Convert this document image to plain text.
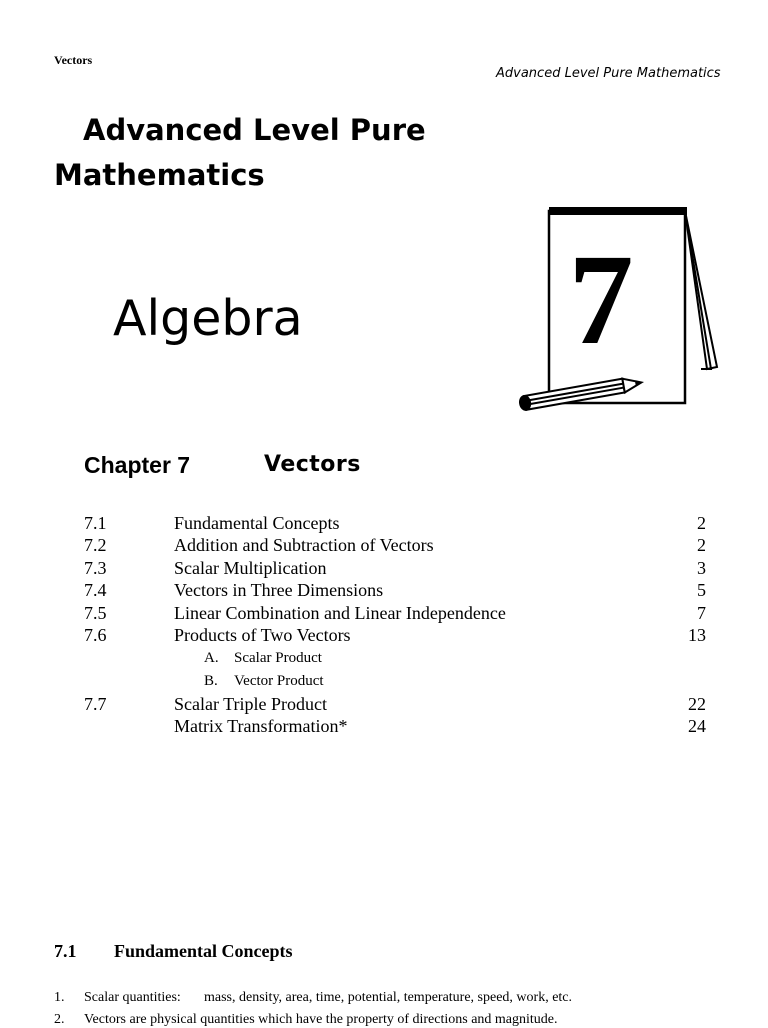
Vectors
Advanced Level Pure Mathematics
Advanced Level Pure
Mathematics
Algebra 7
Chapter 7	Vectors
7.1	Fundamental Concepts	2
7.2	Addition and Subtraction of Vectors	2
7.3	Scalar Multiplication	3
7.4	Vectors in Three Dimensions	5
7.5	Linear Combination and Linear Independence	7
7.6	Products of Two Vectors	13
A. Scalar Product
B. Vector Product
7.7	Scalar Triple Product	22
Matrix Transformation*	24
7.1 Fundamental Concepts
1. Scalar quantities: mass, density, area, time, potential, temperature, speed, work, etc.
2. Vectors are physical quantities which have the property of directions and magnitude.
